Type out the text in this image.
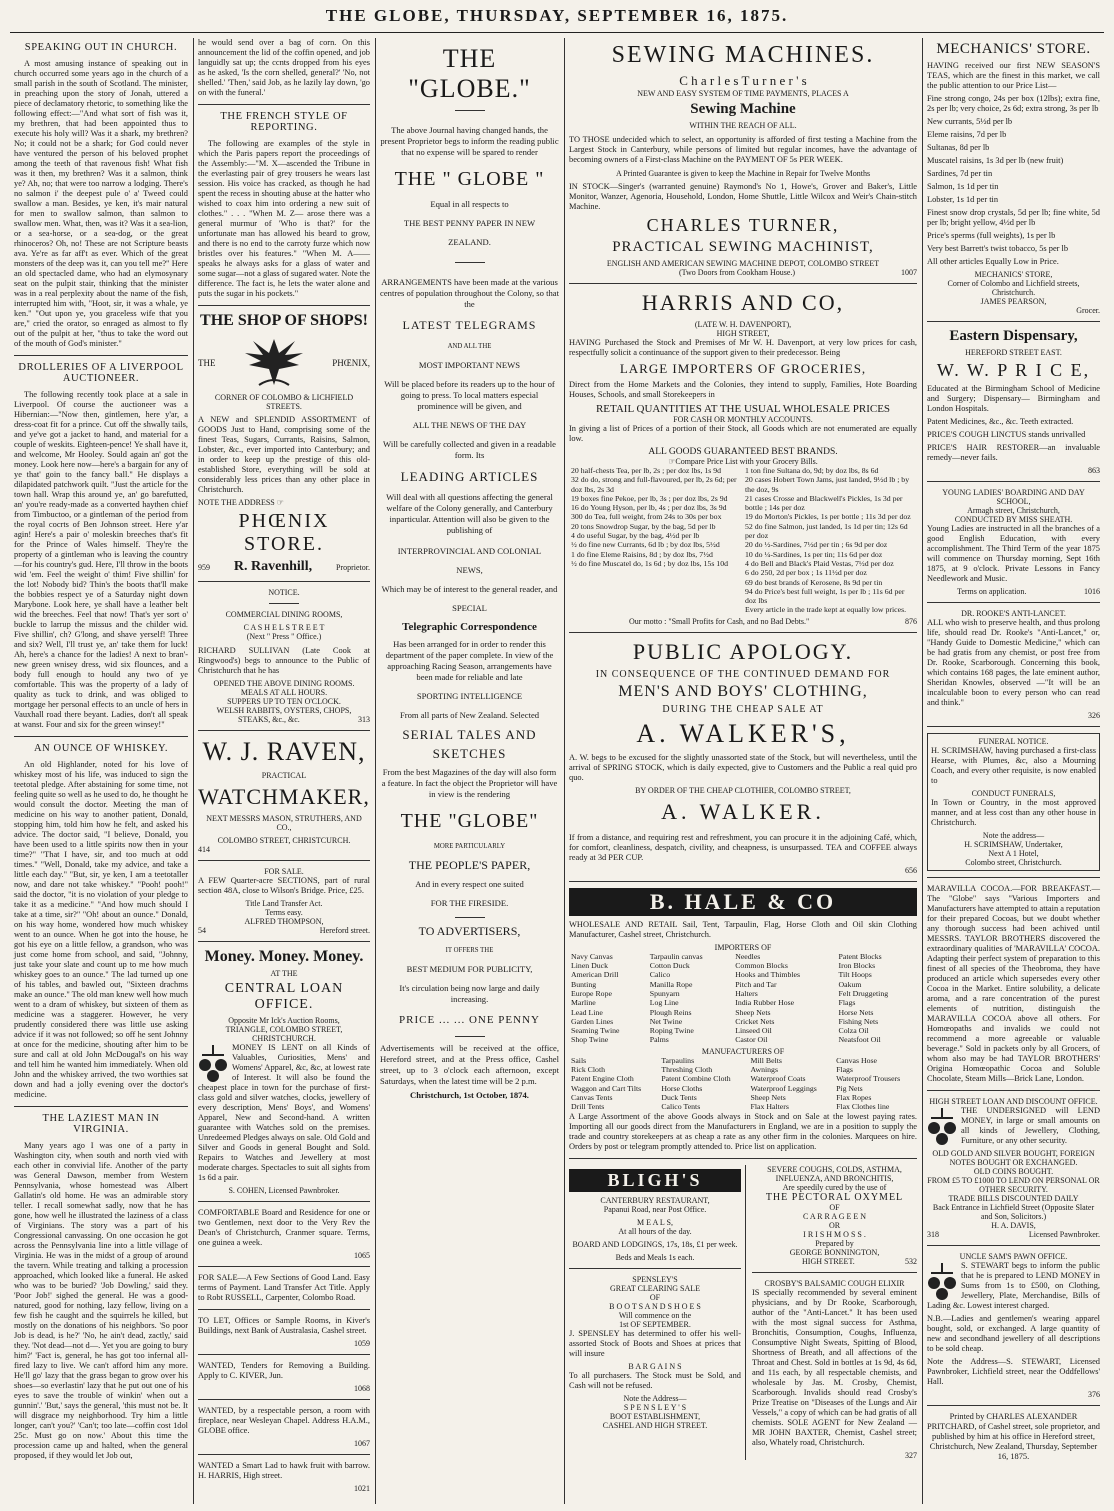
THE GLOBE, THURSDAY, SEPTEMBER 16, 1875.
SPEAKING OUT IN CHURCH.

A most amusing instance of speaking out in church occurred some years ago in the church of a small parish in the south of Scotland. The minister, in preaching upon the story of Jonah, uttered a piece of declamatory rhetoric, to something like the following effect:—"And what sort of fish was it, my brethren, that had been appointed thus to execute his holy will? Was it a shark, my brethren? No; it could not be a shark; for God could never have ventured the person of his beloved prophet among the teeth of that ravenous fish! What fish was it then, my brethren? Was it a salmon, think ye? Ah, no; that were too narrow a lodging. There's no salmon i' the deepest pule o' a' Tweed could swallow a man. Besides, ye ken, it's mair natural for men to swallow salmon, than salmon to swallow men. What, then, was it? Was it a sea-lion, or a sea-horse, or a sea-dog, or the great rhinoceros? Oh, no! These are not Scripture beasts ava. Ye're as far aff't as ever. Which of the great monsters of the deep was it, can you tell me?" Here an old spectacled dame, who had an elymosynary seat on the pulpit stair, thinking that the minister was in a real perplexity about the name of the fish, interrupted him with, "Hoot, sir, it was a whale, ye ken." "Out upon ye, you graceless wife that you are," cried the orator, so enraged as almost to fly out of the pulpit at her, "thus to take the word out of the mouth of God's minister."

DROLLERIES OF A LIVERPOOL AUCTIONEER.

The following recently took place at a sale in Liverpool. Of course the auctioneer was a Hibernian:—"Now then, gintlemen, here y'ar, a dress-coat fit for a prince. Cut off the shwally tails, and ye've got a jacket to hand, and material for a couple of weskits. Eighteen-pence! Ye shall have it, and welcome, Mr Hooley. Sould again an' got the money. Look here now—here's a bargain for any of ye that' goin to the fancy ball." He displays a dilapidated patchwork quilt. "Just the article for the town hall. Wrap this around ye, an' go barefutted, an' you're ready-made as a converted haythen chief from Timbuctoo, or a gintleman of the period from the royal cocrts of Ben Johnson street. Here y'ar agin! Here's a pair o' moleskin breeches that's fit for the Prince of Wales himself. They're the property of a gintleman who is leaving the country—for his country's gud. Here, I'll throw in the boots wid 'em. Feel the weight o' thim! Five shillin' for the lot! Nobody bid? Thin's the boots that'll make the bobbies respect ye of a Saturday night down Marybone. Look here, ye shall have a leather belt wid the breeches. Feel that now! That's yer sort o' buckle to larrup the missus and the childer wid. Five shillin', ch? G'long, and shave yerself! Three and six? Well, I'll trust ye, an' take them for luck! Ah, here's a chance for the ladies! A next to bran'-new green wnisey dress, wid six flounces, and a body full enough to hould any two of ye comfortable. This was the property of a lady of quality as tuck to drink, and was obliged to mortgage her personal effects to an uncle of hers in Vauxhall road there beyant. Ladies, don't all speak at wanst. Four and six for the green winsey!"

AN OUNCE OF WHISKEY.

An old Highlander, noted for his love of whiskey most of his life, was induced to sign the teetotal pledge. After abstaining for some time, not feeling quite so well as he used to do, he thought he would consult the doctor. Meeting the man of medicine on his way to another patient, Donald, stopping him, told him how he felt, and asked his advice. The doctor said, "I believe, Donald, you have been used to a little spirits now then in your time?" "That I have, sir, and too much at odd times." "Well, Donald, take my advice, and take a little each day." "But, sir, ye ken, I am a teetotaller now, and dare not take whiskey." "Pooh! pooh!" said the doctor, "it is no violation of your pledge to take it as a medicine." "And how much should I take at a time, sir?" "Oh! about an ounce." Donald, on his way home, wondered how much whiskey went to an ounce. When he got into the house, he got his eye on a little fellow, a grandson, who was just come home from school, and said, "Johnny, just take your slate and count up to me how much whiskey goes to an ounce." The lad turned up one of his tables, and bawled out, "Sixteen drachms make an ounce." The old man knew well how much went to a dram of whiskey, but sixteen of them as medicine was a staggerer. However, he very prudently considered there was little use asking advice if it was not followed; so off he sent Johnny at once for the medicine, shouting after him to be sure and call at old John McDougal's on his way and tell him he wanted him immediately. When old John and the whiskey arrived, the two worthies sat down and had a jolly evening over the doctor's medicine.

THE LAZIEST MAN IN VIRGINIA.

Many years ago I was one of a party in Washington city, when south and north vied with each other in convivial life. Another of the party was General Dawson, member from Western Pennsylvania, whose homestead was Albert Gallatin's old home. He was an admirable story teller. I recall somewhat sadly, now that he has gone, how well he illustrated the laziness of a class of Virginians. The story was a part of his Congressional canvassing. On one occasion he got across the Pennsylvania line into a little village of Virginia. He was in the midst of a group of around the tavern. While treating and talking a procession approached, which looked like a funeral. He asked who was to be buried? 'Job Dowling,' said they. 'Poor Job!' sighed the general. He was a good-natured, good for nothing, lazy fellow, living on a few fish he caught and the squirrels he killed, but mostly on the donations of his neighbors. 'So poor Job is dead, is he?' 'No, he ain't dead, zactly,' said they. 'Not dead—not d—. Yet you are going to bury him?' 'Fact is, general, he has got too infernal all-fired lazy to live. We can't afford him any more. He'll go' lazy that the grass began to grow over his shoes—so everlastin' lazy that he put out one of his eyes to save the trouble of winkin' when out a gunnin'.' 'But,' says the general, 'this must not be. It will disgrace my neighborhood. Try him a little longer, can't you?' 'Can't; too late—coffin cost 1dol 25c. Must go on now.' About this time the procession came up and halted, when the general proposed, if they would let Job out,

he would send over a bag of corn. On this announcement the lid of the coffin opened, and job languidly sat up; the ccnts dropped from his eyes as he asked, 'Is the corn shelled, general?' 'No, not shelled.' 'Then,' said Job, as he lazily lay down, 'go on with the funeral.'

THE FRENCH STYLE OF REPORTING.

The following are examples of the style in which the Paris papers report the proceedings of the Assembly:—"M. X—ascended the Tribune in the everlasting pair of grey trousers he wears last session. His voice has cracked, as though he had spent the recess in shouting abuse at the hatter who wished to coax him into ordering a new suit of clothes." . . . "When M. Z— arose there was a general murmur of 'Who is that?' for the unfortunate man has allowed his beard to grow, and there is no end to the carroty furze which now bristles over his features." "When M. A—— speaks he always asks for a glass of water and some sugar—not a glass of sugared water. Note the difference. The fact is, he lets the water alone and puts the sugar in his pockets."

THE SHOP OF SHOPS!
THE	PHŒNIX,
CORNER OF COLOMBO & LICHFIELD STREETS.

A NEW and SPLENDID ASSORTMENT of GOODS Just to Hand, comprising some of the finest Teas, Sugars, Currants, Raisins, Salmon, Lobster, &c., ever imported into Canterbury; and in order to keep up the prestige of this old-established Store, everything will be sold at considerably less prices than any other place in Christchurch.

NOTE THE ADDRESS ☞
PHŒNIX STORE.
959 R. Ravenhill,	Proprietor.
NOTICE.
COMMERCIAL DINING ROOMS,
C A S H E L S T R E E T
(Next " Press " Office.)

RICHARD SULLIVAN (Late Cook at Ringwood's) begs to announce to the Public of Christchurch that he has

OPENED THE ABOVE DINING ROOMS.
MEALS AT ALL HOURS.
SUPPERS UP TO TEN O'CLOCK.
WELSH RABBITS, OYSTERS, CHOPS,
STEAKS, &c., &c.	313
W. J. RAVEN,
PRACTICAL
WATCHMAKER,
NEXT MESSRS MASON, STRUTHERS, AND CO.,
COLOMBO STREET, CHRISTCURCH.
414
FOR SALE.

A FEW Quarter-acre SECTIONS, part of rural section 48A, close to Wilson's Bridge. Price, £25.

Title Land Transfer Act.
Terms easy.
ALFRED THOMPSON,
54	Hereford street.
Money. Money. Money.
AT THE
CENTRAL LOAN OFFICE.
Opposite Mr Ick's Auction Rooms,
TRIANGLE, COLOMBO STREET, CHRISTCHURCH.

MONEY IS LENT on all Kinds of Valuables, Curiosities, Mens' and Womens' Apparel, &c, &c, at lowest rate of Interest. It will also be found the cheapest place in town for the purchase of first-class gold and silver watches, clocks, jewellery of every description, Mens' Boys', and Womens' Apparel, New and Second-hand. A written guarantee with Watches sold on the premises. Unredeemed Pledges always on sale. Old Gold and Silver and Goods in general Bought and Sold. Repairs to Watches and Jewellery at most moderate charges. Spectacles to suit all sights from 1s 6d a pair.

S. COHEN, Licensed Pawnbroker.

COMFORTABLE Board and Residence for one or two Gentlemen, next door to the Very Rev the Dean's of Christchurch, Cranmer square. Terms, one guinea a week.

1065

FOR SALE—A Few Sections of Good Land. Easy terms of Payment. Land Transfer Act Title. Apply to Robt RUSSELL, Carpenter, Colombo Road.

TO LET, Offices or Sample Rooms, in Kiver's Buildings, next Bank of Australasia, Cashel street.

1059

WANTED, Tenders for Removing a Building. Apply to C. KIVER, Jun.

1068

WANTED, by a respectable person, a room with fireplace, near Wesleyan Chapel. Address H.A.M., GLOBE office.

1067

WANTED a Smart Lad to hawk fruit with barrow. H. HARRIS, High street.

1021
THE "GLOBE."

The above Journal having changed hands, the present Proprietor begs to inform the reading public that no expense will be spared to render

THE " GLOBE "

Equal in all respects to

THE BEST PENNY PAPER IN NEW

ZEALAND.

ARRANGEMENTS have been made at the various centres of population throughout the Colony, so that the

LATEST TELEGRAMS

AND ALL THE

MOST IMPORTANT NEWS

Will be placed before its readers up to the hour of going to press. To local matters especial prominence will be given, and

ALL THE NEWS OF THE DAY

Will be carefully collected and given in a readable form. Its

LEADING ARTICLES

Will deal with all questions affecting the general welfare of the Colony generally, and Canterbury inparticular. Attention will also be given to the publishing of

INTERPROVINCIAL AND COLONIAL

NEWS,

Which may be of interest to the general reader, and

SPECIAL

Telegraphic Correspondence

Has been arranged for in order to render this department of the paper complete. In view of the approaching Racing Season, arrangements have been made for reliable and late

SPORTING INTELLIGENCE

From all parts of New Zealand. Selected

SERIAL TALES AND

SKETCHES

From the best Magazines of the day will also form a feature. In fact the object the Proprietor will have in view is the rendering

THE "GLOBE"

MORE PARTICULARLY

THE PEOPLE'S PAPER,

And in every respect one suited

FOR THE FIRESIDE.

TO ADVERTISERS,

IT OFFERS THE

BEST MEDIUM FOR PUBLICITY,

It's circulation being now large and daily increasing.

PRICE ... ... ONE PENNY

Advertisements will be received at the office, Hereford street, and at the Press office, Cashel street, up to 3 o'clock each afternoon, except Saturdays, when the latest time will be 2 p.m.

Christchurch, 1st October, 1874.

SEWING MACHINES.
C h a r l e s T u r n e r ' s
NEW AND EASY SYSTEM OF TIME PAYMENTS, PLACES A
Sewing Machine
WITHIN THE REACH OF ALL.

TO THOSE undecided which to select, an opportunity is afforded of first testing a Machine from the Largest Stock in Canterbury, while persons of limited but regular incomes, have the advantage of becoming owners of a First-class Machine on the PAYMENT OF 5s PER WEEK.

A Printed Guarantee is given to keep the Machine in Repair for Twelve Months

IN STOCK—Singer's (warranted genuine) Raymond's No 1, Howe's, Grover and Baker's, Little Monitor, Wanzer, Agenoria, Household, London, Home Shuttle, Little Wilcox and Weir's Chain-stitch Machine.

CHARLES TURNER,
PRACTICAL SEWING MACHINIST,
ENGLISH AND AMERICAN SEWING MACHINE DEPOT, COLOMBO STREET
(Two Doors from Cookham House.)	1007
HARRIS AND CO,
(LATE W. H. DAVENPORT),
HIGH STREET,

HAVING Purchased the Stock and Premises of Mr W. H. Davenport, at very low prices for cash, respectfully solicit a continuance of the support given to their predecessor. Being

LARGE IMPORTERS OF GROCERIES,

Direct from the Home Markets and the Colonies, they intend to supply, Families, Hote Boarding Houses, Schools, and small Storekeepers in

RETAIL QUANTITIES AT THE USUAL WHOLESALE PRICES
FOR CASH OR MONTHLY ACCOUNTS.

In giving a list of Prices of a portion of their Stock, all Goods which are not enumerated are equally low.

ALL GOODS GUARANTEED BEST BRANDS.
☞Compare Price List with your Grocery Bills.
20 half-chests Tea, per lb, 2s ; per doz lbs, 1s 9d
32 do do, strong and full-flavoured, per lb, 2s 6d; per doz lbs, 2s 3d
19 boxes fine Pekoe, per lb, 3s ; per doz lbs, 2s 9d
16 do Young Hyson, per lb, 4s ; per doz lbs, 3s 9d
300 do Tea, full weight, from 24s to 30s per box
20 tons Snowdrop Sugar, by the bag, 5d per lb
4 do useful Sugar, by the bag, 4½d per lb
½ do fine new Currants, 6d lb ; by doz lbs, 5½d
1 do fine Eleme Raisins, 8d ; by doz lbs, 7½d
½ do fine Muscatel do, 1s 6d ; by doz lbs, 15s 10d

1 ton fine Sultana do, 9d; by doz lbs, 8s 6d
20 cases Hobert Town Jams, just landed, 9½d lb ; by the doz, 9s
21 cases Crosse and Blackwell's Pickles, 1s 3d per bottle ; 14s per doz
19 do Morton's Pickles, 1s per bottle ; 11s 3d per doz
52 do fine Salmon, just landed, 1s 1d per tin; 12s 6d per doz
20 do ½-Sardines, 7½d per tin ; 6s 9d per doz
10 do ¼-Sardines, 1s per tin; 11s 6d per doz
4 do Bell and Black's Plaid Vestas, 7½d per doz
6 do 250, 2d per box ; 1s 11½d per doz
69 do best brands of Kerosene, 8s 9d per tin
94 do Price's best full weight, 1s per lb ; 11s 6d per doz lbs
Every article in the trade kept at equally low prices.
Our motto : "Small Profits for Cash, and no Bad Debts."	876
PUBLIC APOLOGY.
IN CONSEQUENCE OF THE CONTINUED DEMAND FOR
MEN'S AND BOYS' CLOTHING,
DURING THE CHEAP SALE AT
A. WALKER'S,

A. W. begs to be excused for the slightly unassorted state of the Stock, but will nevertheless, until the arrival of SPRING STOCK, which is daily expected, give to Customers and the Public a real quid pro quo.

BY ORDER OF THE CHEAP CLOTHIER, COLOMBO STREET,
A. WALKER.

If from a distance, and requiring rest and refreshment, you can procure it in the adjoining Café, which, for comfort, cleanliness, despatch, civility, and cheapness, is unsurpassed. TEA and COFFEE always ready at 3d PER CUP.

656
B. HALE & CO

WHOLESALE AND RETAIL Sail, Tent, Tarpaulin, Flag, Horse Cloth and Oil skin Clothing Manufacturer, Cashel street, Christchurch.

IMPORTERS OF
Navy Canvas
Linen Duck
American Drill
Bunting
Europe Rope
Marline
Lead Line
Garden Lines
Seaming Twine
Shop Twine

Tarpaulin canvas
Cotton Duck
Calico
Manilla Rope
Spunyarn
Log Line
Plough Reins
Net Twine
Roping Twine
Palms

Needles
Common Blocks
Hooks and Thimbles
Pitch and Tar
Halters
India Rubber Hose
Sheep Nets
Cricket Nets
Linseed Oil
Castor Oil

Patent Blocks
Iron Blocks
Tilt Hoops
Oakum
Felt Druggeting
Flags
Horse Nets
Fishing Nets
Colza Oil
Neatsfoot Oil
MANUFACTURERS OF
Sails
Rick Cloth
Patent Engine Cloth
Waggon and Cart Tilts
Canvas Tents
Drill Tents

Tarpaulins
Threshing Cloth
Patent Combine Cloth
Horse Cloths
Duck Tents
Calico Tents

Mill Belts
Awnings
Waterproof Coats
Waterproof Leggings
Sheep Nets
Flax Halters

Canvas Hose
Flags
Waterproof Trousers
Pig Nets
Flax Ropes
Flax Clothes line

A Large Assortment of the above Goods always in Stock and on Sale at the lowest paying rates. Importing all our goods direct from the Manufacturers in England, we are in a position to supply the trade and country storekeepers at as cheap a rate as any other firm in the colonies. Marquees on hire. Orders by post or telegram promptly attended to. Price list on application.

BLIGH'S
CANTERBURY RESTAURANT,
Papanui Road, near Post Office.
M E A L S,
At all hours of the day.
BOARD AND LODGINGS, 17s, 18s, £1 per week.
Beds and Meals 1s each.
SPENSLEY'S
GREAT CLEARING SALE
OF
B O O T S A N D S H O E S
Will commence on the
1st OF SEPTEMBER.

J. SPENSLEY has determined to offer his well-assorted Stock of Boots and Shoes at prices that will insure

B A R G A I N S

To all purchasers. The Stock must be Sold, and Cash will not be refused.

Note the Address—
S P E N S L E Y ' S
BOOT ESTABLISHMENT,
CASHEL AND HIGH STREET.
SEVERE COUGHS, COLDS, ASTHMA, INFLUENZA, AND BRONCHITIS,
Are speedily cured by the use of
THE PECTORAL OXYMEL
OF
C A R R A G E E N
OR
I R I S H M O S S .
Prepared by
GEORGE BONNINGTON,
HIGH STREET.	532
CROSBY'S BALSAMIC COUGH ELIXIR

IS specially recommended by several eminent physicians, and by Dr Rooke, Scarborough, author of the "Anti-Lancet." It has been used with the most signal success for Asthma, Bronchitis, Consumption, Coughs, Influenza, Consumptive Night Sweats, Spitting of Blood, Shortness of Breath, and all affections of the Throat and Chest. Sold in bottles at 1s 9d, 4s 6d, and 11s each, by all respectable chemists, and wholesale by Jas. M. Crosby, Chemist, Scarborough. Invalids should read Crosby's Prize Treatise on "Diseases of the Lungs and Air Vessels," a copy of which can be had gratis of all chemists. SOLE AGENT for New Zealand — MR JOHN BAXTER, Chemist, Cashel street; also, Whately road, Christchurch.

327
MECHANICS' STORE.

HAVING received our first NEW SEASON'S TEAS, which are the finest in this market, we call the public attention to our Price List—

Fine strong congo, 24s per box (12lbs); extra fine, 2s per lb; very choice, 2s 6d; extra strong, 3s per lb

New currants, 5½d per lb

Eleme raisins, 7d per lb

Sultanas, 8d per lb

Muscatel raisins, 1s 3d per lb (new fruit)

Sardines, 7d per tin

Salmon, 1s 1d per tin

Lobster, 1s 1d per tin

Finest snow drop crystals, 5d per lb; fine white, 5d per lb; bright yellow, 4½d per lb

Price's sperms (full weights), 1s per lb

Very best Barrett's twist tobacco, 5s per lb

All other articles Equally Low in Price.

MECHANICS' STORE,
Corner of Colombo and Lichfield streets, Christchurch.
JAMES PEARSON,
Grocer.
Eastern Dispensary,
HEREFORD STREET EAST.
W. W. P R I C E,

Educated at the Birmingham School of Medicine and Surgery; Dispensary— Birmingham and London Hospitals.

Patent Medicines, &c., &c. Teeth extracted.

PRICE'S COUGH LINCTUS stands unrivalled

PRICE'S HAIR RESTORER—an invaluable remedy—never fails.

863
YOUNG LADIES' BOARDING AND DAY SCHOOL,
Armagh street, Christchurch,
CONDUCTED BY MISS SHEATH.

Young Ladies are instructed in all the branches of a good English Education, with every accomplishment. The Third Term of the year 1875 will commence on Thursday morning, Sept 16th 1875, at 9 o'clock. Private Lessons in Fancy Needlework and Music.

Terms on application.	1016
DR. ROOKE'S ANTI-LANCET.

ALL who wish to preserve health, and thus prolong life, should read Dr. Rooke's "Anti-Lancet," or, "Handy Guide to Domestic Medicine," which can be had gratis from any chemist, or post free from Dr. Rooke, Scarborough. Concerning this book, which contains 168 pages, the late eminent author, Sheridan Knowles, observed —"It will be an incalculable boon to every person who can read and think."

326
FUNERAL NOTICE.

H. SCRIMSHAW, having purchased a first-class Hearse, with Plumes, &c, also a Mourning Coach, and every other requisite, is now enabled to

CONDUCT FUNERALS,

In Town or Country, in the most approved manner, and at less cost than any other house in Christchurch.

Note the address—
H. SCRIMSHAW, Undertaker,
Next A 1 Hotel,
Colombo street, Christchurch.

MARAVILLA COCOA.—FOR BREAKFAST.—The "Globe" says "Various Importers and Manufacturers have attempted to attain a reputation for their prepared Cocoas, but we doubt whether any thorough success had been achived until MESSRS. TAYLOR BROTHERS discovered the extraordinary qualities of 'MARAVILLA' COCOA. Adapting their perfect system of preparation to this finest of all species of the Theobroma, they have produced an article which supersedes every other Cocoa in the Market. Entire solubility, a delicate aroma, and a rare concentration of the purest elements of nutrition, distinguish the MARAVILLA COCOA above all others. For Homœopaths and invalids we could not recommend a more agreeable or valuable beverage." Sold in packets only by all Grocers, of whom also may be had TAYLOR BROTHERS' Origina Homœopathic Cocoa and Soluble Chocolate, Steam Mills—Brick Lane, London.

HIGH STREET LOAN AND DISCOUNT OFFICE.

THE UNDERSIGNED will LEND MONEY, in large or small amounts on all kinds of Jewellery, Clothing, Furniture, or any other security.

OLD GOLD AND SILVER BOUGHT, FOREIGN NOTES BOUGHT OR EXCHANGED.
OLD COINS BOUGHT.
FROM £5 TO £1000 TO LEND ON PERSONAL OR OTHER SECURITY.
TRADE BILLS DISCOUNTED DAILY
Back Entrance in Lichfield Street (Opposite Slater and Son, Solicitors.)
H. A. DAVIS,
318	Licensed Pawnbroker.
UNCLE SAM'S PAWN OFFICE.

S. STEWART begs to inform the public that he is prepared to LEND MONEY in Sums from 1s to £500, on Clothing, Jewellery, Plate, Merchandise, Bills of Lading &c. Lowest interest charged.

N.B.—Ladies and gentlemen's wearing apparel bought, sold, or exchanged. A large quantity of new and secondhand jewellery of all descriptions to be sold cheap.

Note the Address—S. STEWART, Licensed Pawnbroker, Lichfield street, near the Oddfellows' Hall.

376

Printed by CHARLES ALEXANDER PRITCHARD, of Cashel street, sole proprietor, and published by him at his office in Hereford street, Christchurch, New Zealand, Thursday, September 16, 1875.
